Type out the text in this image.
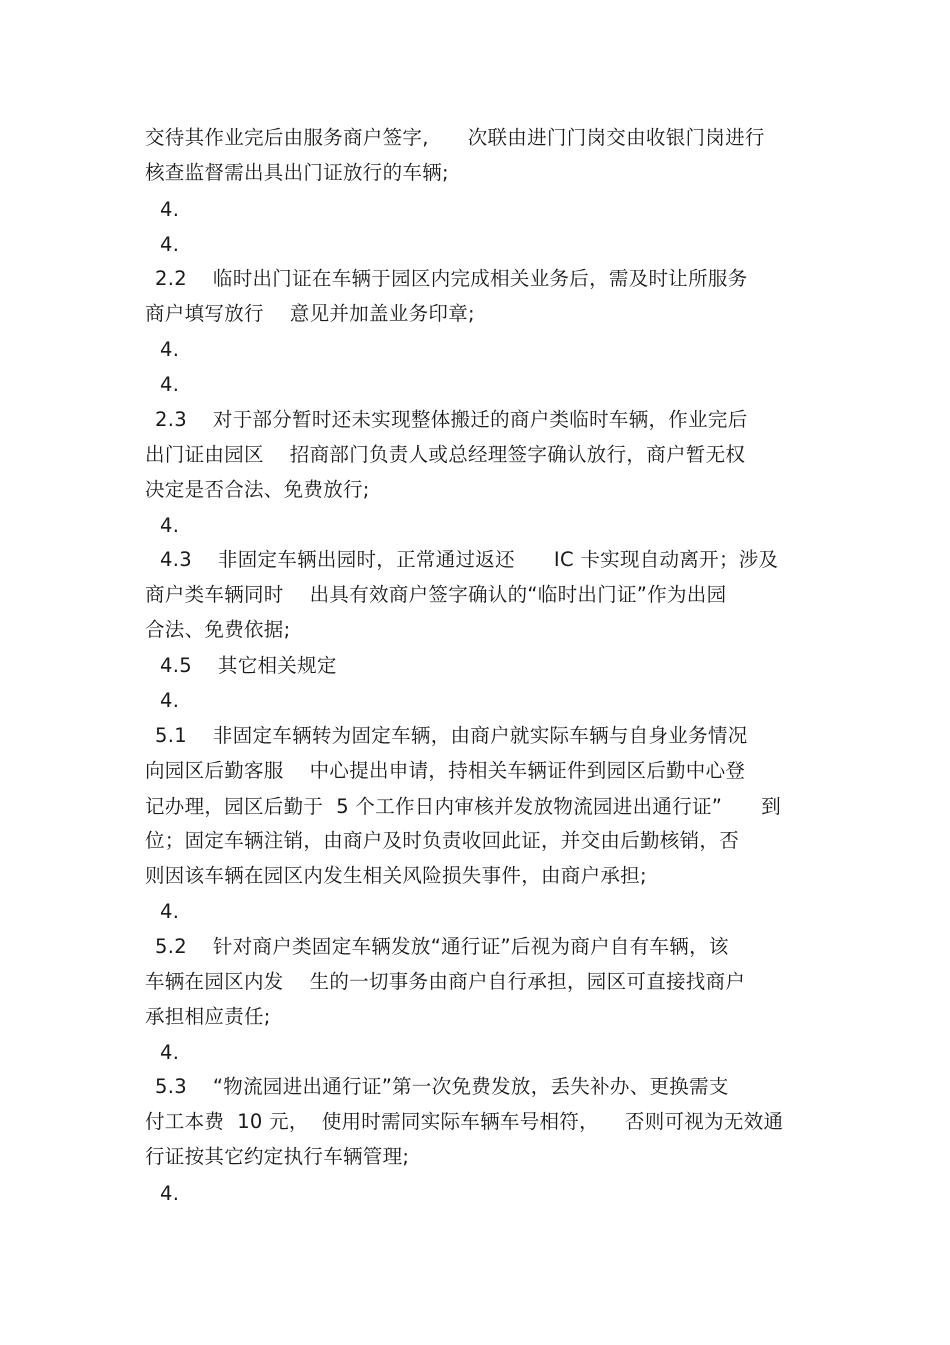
交待其作业完后由服务商户签字,      次联由进门门岗交由收银门岗进行
核查监督需出具出门证放行的车辆;
4.
4.
2.2    临时出门证在车辆于园区内完成相关业务后，需及时让所服务
商户填写放行    意见并加盖业务印章;
4.
4.
2.3    对于部分暂时还未实现整体搬迁的商户类临时车辆，作业完后
出门证由园区    招商部门负责人或总经理签字确认放行，商户暂无权
决定是否合法、免费放行;
4.
4.3    非固定车辆出园时，正常通过返还      IC 卡实现自动离开；涉及
商户类车辆同时    出具有效商户签字确认的“临时出门证”作为出园
合法、免费依据;
4.5    其它相关规定
4.
5.1    非固定车辆转为固定车辆，由商户就实际车辆与自身业务情况
向园区后勤客服    中心提出申请，持相关车辆证件到园区后勤中心登
记办理，园区后勤于  5 个工作日内审核并发放物流园进出通行证”      到
位；固定车辆注销，由商户及时负责收回此证，并交由后勤核销，否
则因该车辆在园区内发生相关风险损失事件，由商户承担;
4.
5.2    针对商户类固定车辆发放“通行证”后视为商户自有车辆，该
车辆在园区内发    生的一切事务由商户自行承担，园区可直接找商户
承担相应责任;
4.
5.3    “物流园进出通行证”第一次免费发放，丢失补办、更换需支
付工本费  10 元，  使用时需同实际车辆车号相符，    否则可视为无效通
行证按其它约定执行车辆管理;
4.
